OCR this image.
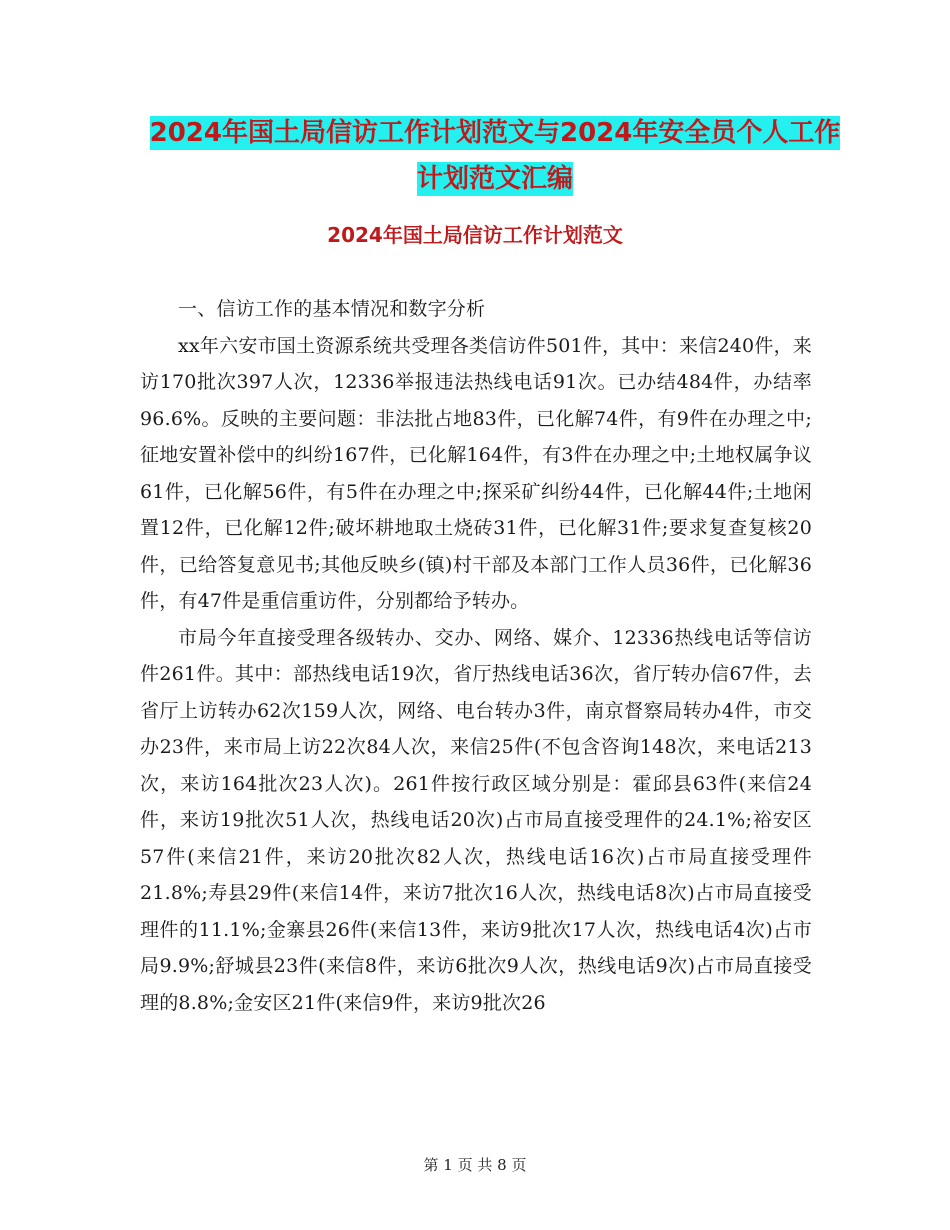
2024年国土局信访工作计划范文与2024年安全员个人工作计划范文汇编
2024年国土局信访工作计划范文

一、信访工作的基本情况和数字分析

xx年六安市国土资源系统共受理各类信访件501件，其中：来信240件，来访170批次397人次，12336举报违法热线电话91次。已办结484件，办结率96.6%。反映的主要问题：非法批占地83件，已化解74件，有9件在办理之中;征地安置补偿中的纠纷167件，已化解164件，有3件在办理之中;土地权属争议61件，已化解56件，有5件在办理之中;探采矿纠纷44件，已化解44件;土地闲置12件，已化解12件;破坏耕地取土烧砖31件，已化解31件;要求复查复核20件，已给答复意见书;其他反映乡(镇)村干部及本部门工作人员36件，已化解36件，有47件是重信重访件，分别都给予转办。

市局今年直接受理各级转办、交办、网络、媒介、12336热线电话等信访件261件。其中：部热线电话19次，省厅热线电话36次，省厅转办信67件，去省厅上访转办62次159人次，网络、电台转办3件，南京督察局转办4件，市交办23件，来市局上访22次84人次，来信25件(不包含咨询148次，来电话213次，来访164批次23人次)。261件按行政区域分别是：霍邱县63件(来信24件，来访19批次51人次，热线电话20次)占市局直接受理件的24.1%;裕安区57件(来信21件，来访20批次82人次，热线电话16次)占市局直接受理件21.8%;寿县29件(来信14件，来访7批次16人次，热线电话8次)占市局直接受理件的11.1%;金寨县26件(来信13件，来访9批次17人次，热线电话4次)占市局9.9%;舒城县23件(来信8件，来访6批次9人次，热线电话9次)占市局直接受理的8.8%;金安区21件(来信9件，来访9批次26

第 1 页 共 8 页
